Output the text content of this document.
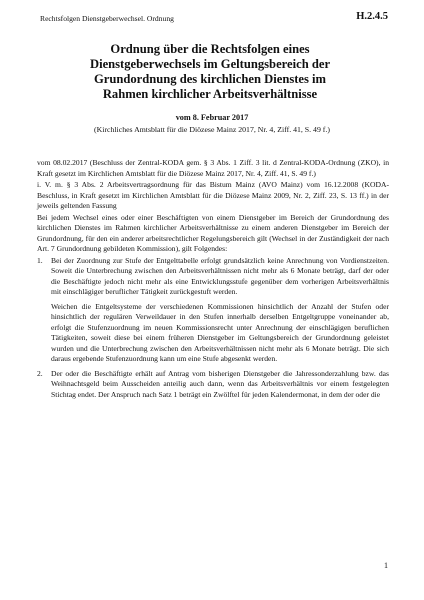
Rechtsfolgen Dienstgeberwechsel. Ordnung	H.2.4.5
Ordnung über die Rechtsfolgen eines Dienstgeberwechsels im Geltungsbereich der Grundordnung des kirchlichen Dienstes im Rahmen kirchlicher Arbeitsverhältnisse
vom 8. Februar 2017
(Kirchliches Amtsblatt für die Diözese Mainz 2017, Nr. 4, Ziff. 41, S. 49 f.)

vom 08.02.2017 (Beschluss der Zentral-KODA gem. § 3 Abs. 1 Ziff. 3 lit. d Zentral-KODA-Ordnung (ZKO), in Kraft gesetzt im Kirchlichen Amtsblatt für die Diözese Mainz 2017, Nr. 4, Ziff. 41, S. 49 f.)

i. V. m. § 3 Abs. 2 Arbeitsvertragsordnung für das Bistum Mainz (AVO Mainz) vom 16.12.2008 (KODA-Beschluss, in Kraft gesetzt im Kirchlichen Amtsblatt für die Diözese Mainz 2009, Nr. 2, Ziff. 23, S. 13 ff.) in der jeweils geltenden Fassung

Bei jedem Wechsel eines oder einer Beschäftigten von einem Dienstgeber im Bereich der Grundordnung des kirchlichen Dienstes im Rahmen kirchlicher Arbeitsverhältnisse zu einem anderen Dienstgeber im Bereich der Grundordnung, für den ein anderer arbeitsrechtlicher Regelungsbereich gilt (Wechsel in der Zuständigkeit der nach Art. 7 Grundordnung gebildeten Kommission), gilt Folgendes:

1. Bei der Zuordnung zur Stufe der Entgelttabelle erfolgt grundsätzlich keine Anrechnung von Vordienstzeiten. Soweit die Unterbrechung zwischen den Arbeitsverhältnissen nicht mehr als 6 Monate beträgt, darf der oder die Beschäftigte jedoch nicht mehr als eine Entwicklungsstufe gegenüber dem vorherigen Arbeitsverhältnis mit einschlägiger beruflicher Tätigkeit zurückgestuft werden.

Weichen die Entgeltsysteme der verschiedenen Kommissionen hinsichtlich der Anzahl der Stufen oder hinsichtlich der regulären Verweildauer in den Stufen innerhalb derselben Entgeltgruppe voneinander ab, erfolgt die Stufenzuordnung im neuen Kommissionsrecht unter Anrechnung der einschlägigen beruflichen Tätigkeiten, soweit diese bei einem früheren Dienstgeber im Geltungsbereich der Grundordnung geleistet wurden und die Unterbrechung zwischen den Arbeitsverhältnissen nicht mehr als 6 Monate beträgt. Die sich daraus ergebende Stufenzuordnung kann um eine Stufe abgesenkt werden.

2. Der oder die Beschäftigte erhält auf Antrag vom bisherigen Dienstgeber die Jahressonderzahlung bzw. das Weihnachtsgeld beim Ausscheiden anteilig auch dann, wenn das Arbeitsverhältnis vor einem festgelegten Stichtag endet. Der Anspruch nach Satz 1 beträgt ein Zwölftel für jeden Kalendermonat, in dem der oder die

1
